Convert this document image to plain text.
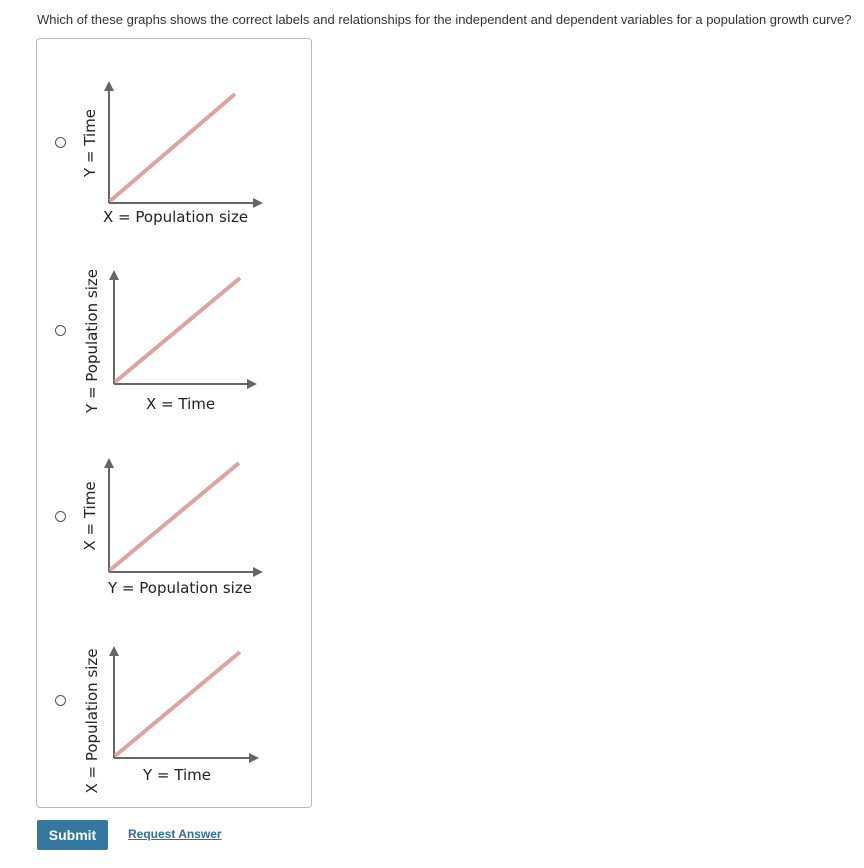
Which of these graphs shows the correct labels and relationships for the independent and dependent variables for a population growth curve?
Y = Time
X = Population size
Y = Population size	X = Time
X = Time
Y = Population size
X = Population size	Y = Time
Submit	Request Answer
